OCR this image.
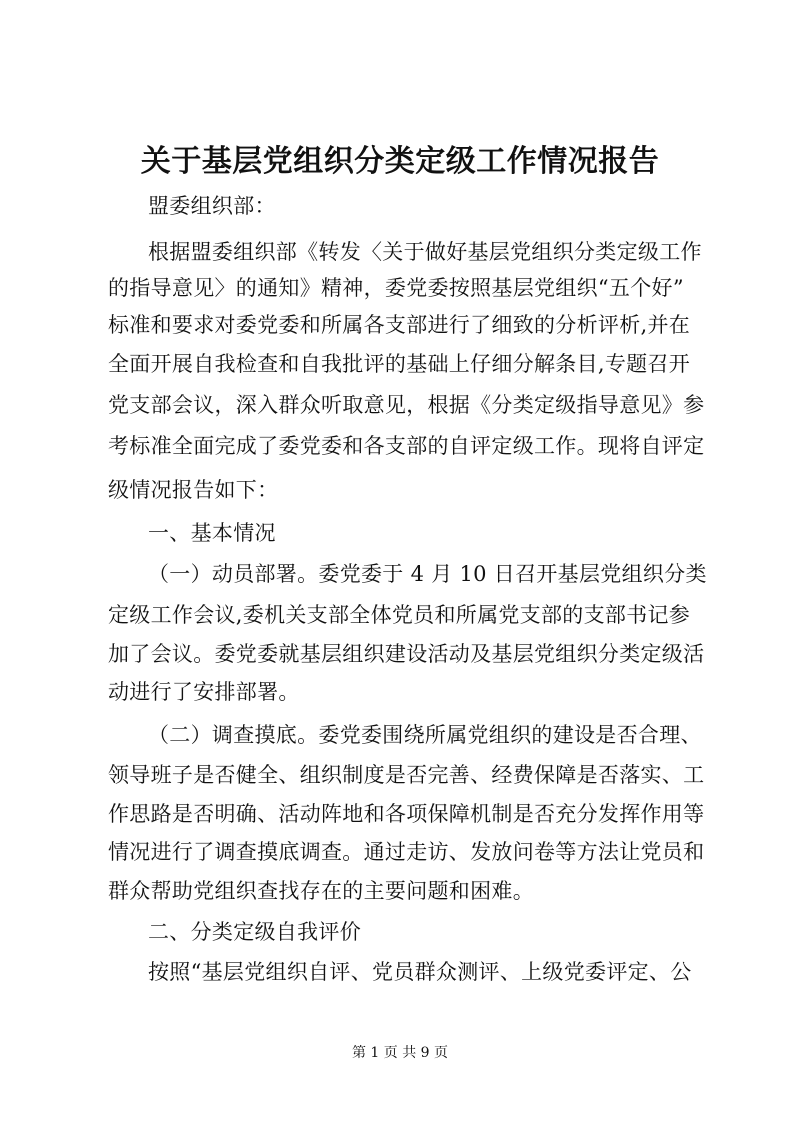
关于基层党组织分类定级工作情况报告
盟委组织部：
根据盟委组织部《转发〈关于做好基层党组织分类定级工作
的指导意见〉的通知》精神，委党委按照基层党组织“五个好”
标准和要求对委党委和所属各支部进行了细致的分析评析,并在
全面开展自我检查和自我批评的基础上仔细分解条目,专题召开
党支部会议，深入群众听取意见，根据《分类定级指导意见》参
考标准全面完成了委党委和各支部的自评定级工作。现将自评定
级情况报告如下：
一、基本情况
（一）动员部署。委党委于 4 月 10 日召开基层党组织分类
定级工作会议,委机关支部全体党员和所属党支部的支部书记参
加了会议。委党委就基层组织建设活动及基层党组织分类定级活
动进行了安排部署。
（二）调查摸底。委党委围绕所属党组织的建设是否合理、
领导班子是否健全、组织制度是否完善、经费保障是否落实、工
作思路是否明确、活动阵地和各项保障机制是否充分发挥作用等
情况进行了调查摸底调查。通过走访、发放问卷等方法让党员和
群众帮助党组织查找存在的主要问题和困难。
二、分类定级自我评价
按照“基层党组织自评、党员群众测评、上级党委评定、公
第 1 页 共 9 页
